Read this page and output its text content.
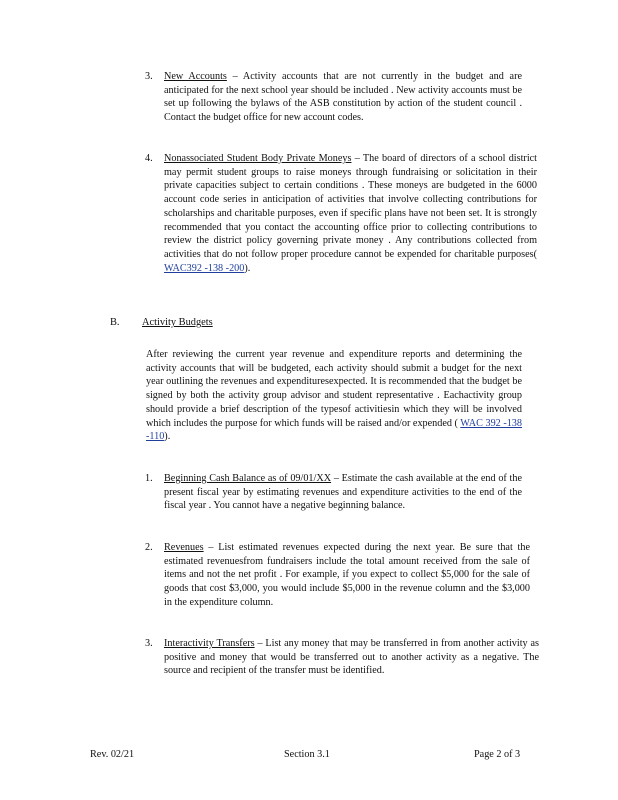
3. New Accounts – Activity accounts that are not currently in the budget and are anticipated for the next school year should be included . New activity accounts must be set up following the bylaws of the ASB constitution by action of the student council . Contact the budget office for new account codes.
4. Nonassociated Student Body Private Moneys – The board of directors of a school district may permit student groups to raise moneys through fundraising or solicitation in their private capacities subject to certain conditions . These moneys are budgeted in the 6000 account code series in anticipation of activities that involve collecting contributions for scholarships and charitable purposes, even if specific plans have not been set. It is strongly recommended that you contact the accounting office prior to collecting contributions to review the district policy governing private money . Any contributions collected from activities that do not follow proper procedure cannot be expended for charitable purposes( WAC392 -138 -200).
B. Activity Budgets
After reviewing the current year revenue and expenditure reports and determining the activity accounts that will be budgeted, each activity should submit a budget for the next year outlining the revenues and expendituresexpected. It is recommended that the budget be signed by both the activity group advisor and student representative . Eachactivity group should provide a brief description of the typesof activitiesin which they will be involved which includes the purpose for which funds will be raised and/or expended ( WAC 392 -138 -110).
1. Beginning Cash Balance as of 09/01/XX – Estimate the cash available at the end of the present fiscal year by estimating revenues and expenditure activities to the end of the fiscal year . You cannot have a negative beginning balance.
2. Revenues – List estimated revenues expected during the next year. Be sure that the estimated revenuesfrom fundraisers include the total amount received from the sale of items and not the net profit . For example, if you expect to collect $5,000 for the sale of goods that cost $3,000, you would include $5,000 in the revenue column and the $3,000 in the expenditure column.
3. Interactivity Transfers – List any money that may be transferred in from another activity as positive and money that would be transferred out to another activity as a negative. The source and recipient of the transfer must be identified.
Rev. 02/21	Section 3.1	Page 2 of 3
